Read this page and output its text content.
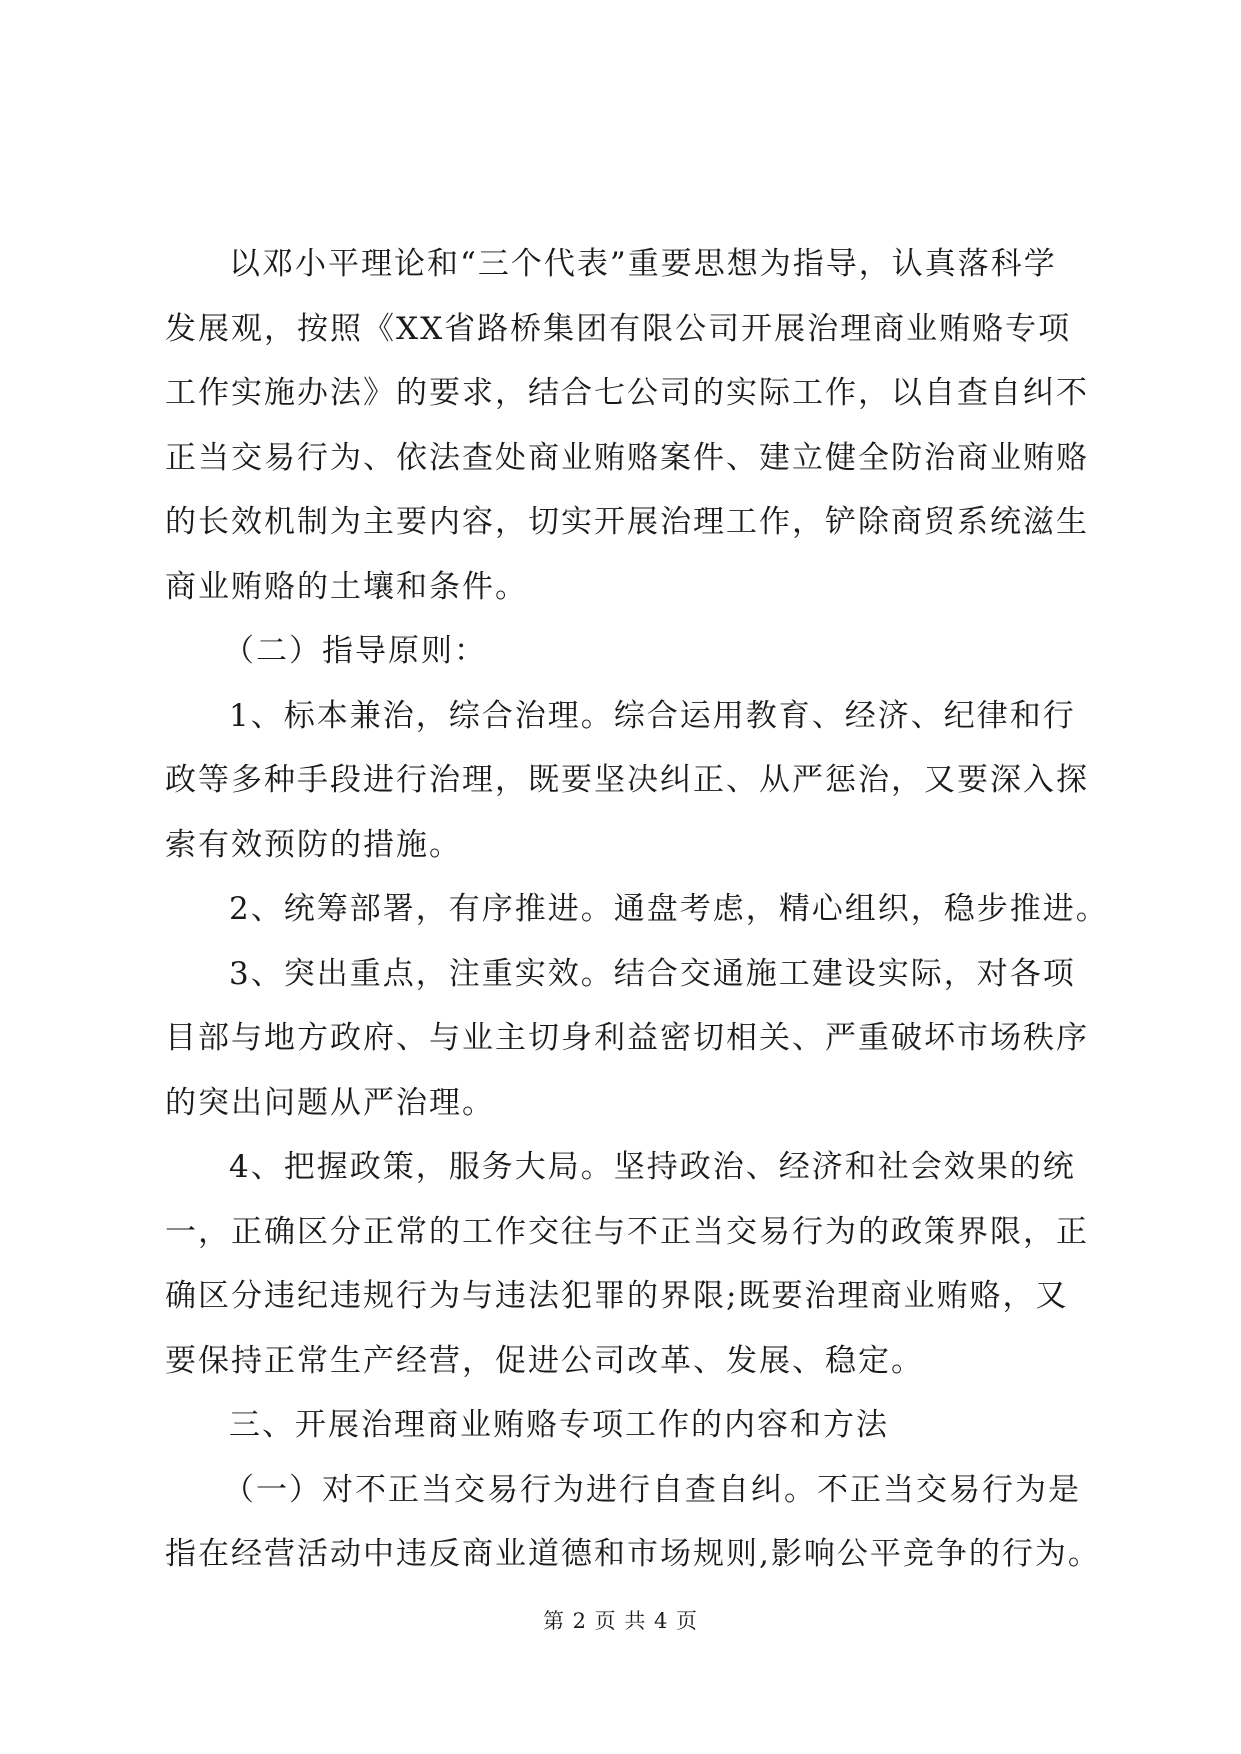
以邓小平理论和“三个代表”重要思想为指导，认真落科学
发展观，按照《XX省路桥集团有限公司开展治理商业贿赂专项
工作实施办法》的要求，结合七公司的实际工作，以自查自纠不
正当交易行为、依法查处商业贿赂案件、建立健全防治商业贿赂
的长效机制为主要内容，切实开展治理工作，铲除商贸系统滋生
商业贿赂的土壤和条件。
（二）指导原则：
1、标本兼治，综合治理。综合运用教育、经济、纪律和行
政等多种手段进行治理，既要坚决纠正、从严惩治，又要深入探
索有效预防的措施。
2、统筹部署，有序推进。通盘考虑，精心组织，稳步推进。
3、突出重点，注重实效。结合交通施工建设实际，对各项
目部与地方政府、与业主切身利益密切相关、严重破坏市场秩序
的突出问题从严治理。
4、把握政策，服务大局。坚持政治、经济和社会效果的统
一，正确区分正常的工作交往与不正当交易行为的政策界限，正
确区分违纪违规行为与违法犯罪的界限;既要治理商业贿赂，又
要保持正常生产经营，促进公司改革、发展、稳定。
三、开展治理商业贿赂专项工作的内容和方法
（一）对不正当交易行为进行自查自纠。不正当交易行为是
指在经营活动中违反商业道德和市场规则,影响公平竞争的行为。
第 2 页 共 4 页
